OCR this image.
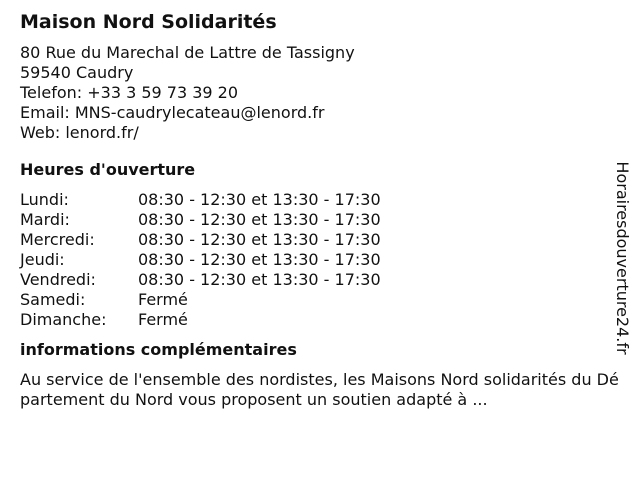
Maison Nord Solidarités
80 Rue du Marechal de Lattre de Tassigny
59540 Caudry
Telefon: +33 3 59 73 39 20
Email: MNS-caudrylecateau@lenord.fr
Web: lenord.fr/
Heures d'ouverture
Lundi:	08:30 - 12:30 et 13:30 - 17:30
Mardi:	08:30 - 12:30 et 13:30 - 17:30
Mercredi:	08:30 - 12:30 et 13:30 - 17:30
Jeudi:	08:30 - 12:30 et 13:30 - 17:30
Vendredi:	08:30 - 12:30 et 13:30 - 17:30
Samedi:	Fermé
Dimanche:	Fermé
informations complémentaires
Au service de l'ensemble des nordistes, les Maisons Nord solidarités du Département du Nord vous proposent un soutien adapté à ...
Horairesdouverture24.fr
